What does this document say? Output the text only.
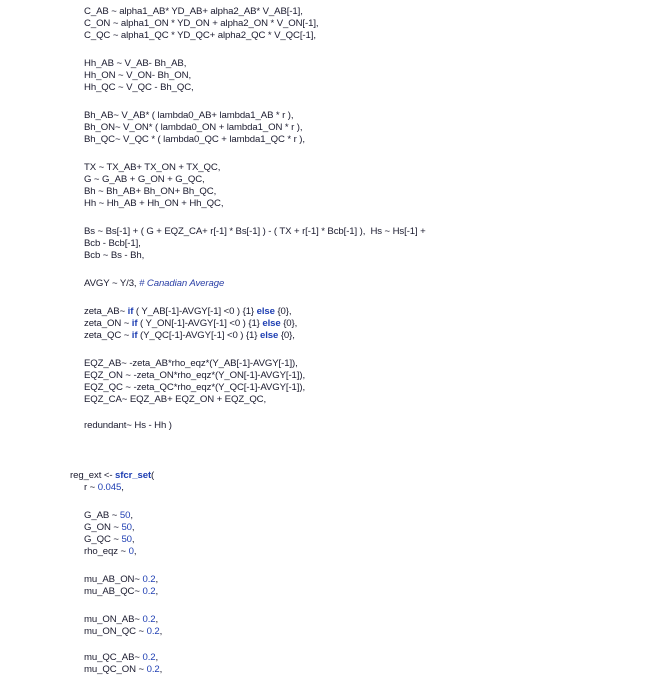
C_AB ~ alpha1_AB* YD_AB+ alpha2_AB* V_AB[-1],
C_ON ~ alpha1_ON * YD_ON + alpha2_ON * V_ON[-1],
C_QC ~ alpha1_QC * YD_QC+ alpha2_QC * V_QC[-1],
Hh_AB ~ V_AB- Bh_AB,
Hh_ON ~ V_ON- Bh_ON,
Hh_QC ~ V_QC - Bh_QC,
Bh_AB~ V_AB* ( lambda0_AB+ lambda1_AB * r ),
Bh_ON~ V_ON* ( lambda0_ON + lambda1_ON * r ),
Bh_QC~ V_QC * ( lambda0_QC + lambda1_QC * r ),
TX ~ TX_AB+ TX_ON + TX_QC,
G ~ G_AB + G_ON + G_QC,
Bh ~ Bh_AB+ Bh_ON+ Bh_QC,
Hh ~ Hh_AB + Hh_ON + Hh_QC,
Bs ~ Bs[-1] + ( G + EQZ_CA+ r[-1] * Bs[-1] ) - ( TX + r[-1] * Bcb[-1] ),  Hs ~ Hs[-1] +
Bcb - Bcb[-1],
Bcb ~ Bs - Bh,
AVGY ~ Y/3, # Canadian Average
zeta_AB~ if ( Y_AB[-1]-AVGY[-1] <0 ) {1} else {0},
zeta_ON ~ if ( Y_ON[-1]-AVGY[-1] <0 ) {1} else {0},
zeta_QC ~ if (Y_QC[-1]-AVGY[-1] <0 ) {1} else {0},
EQZ_AB~ -zeta_AB*rho_eqz*(Y_AB[-1]-AVGY[-1]),
EQZ_ON ~ -zeta_ON*rho_eqz*(Y_ON[-1]-AVGY[-1]),
EQZ_QC ~ -zeta_QC*rho_eqz*(Y_QC[-1]-AVGY[-1]),
EQZ_CA~ EQZ_AB+ EQZ_ON + EQZ_QC,
redundant~ Hs - Hh )
reg_ext <- sfcr_set(
r ~ 0.045,
G_AB ~ 50,
G_ON ~ 50,
G_QC ~ 50,
rho_eqz ~ 0,
mu_AB_ON~ 0.2,
mu_AB_QC~ 0.2,
mu_ON_AB~ 0.2,
mu_ON_QC ~ 0.2,
mu_QC_AB~ 0.2,
mu_QC_ON ~ 0.2,
